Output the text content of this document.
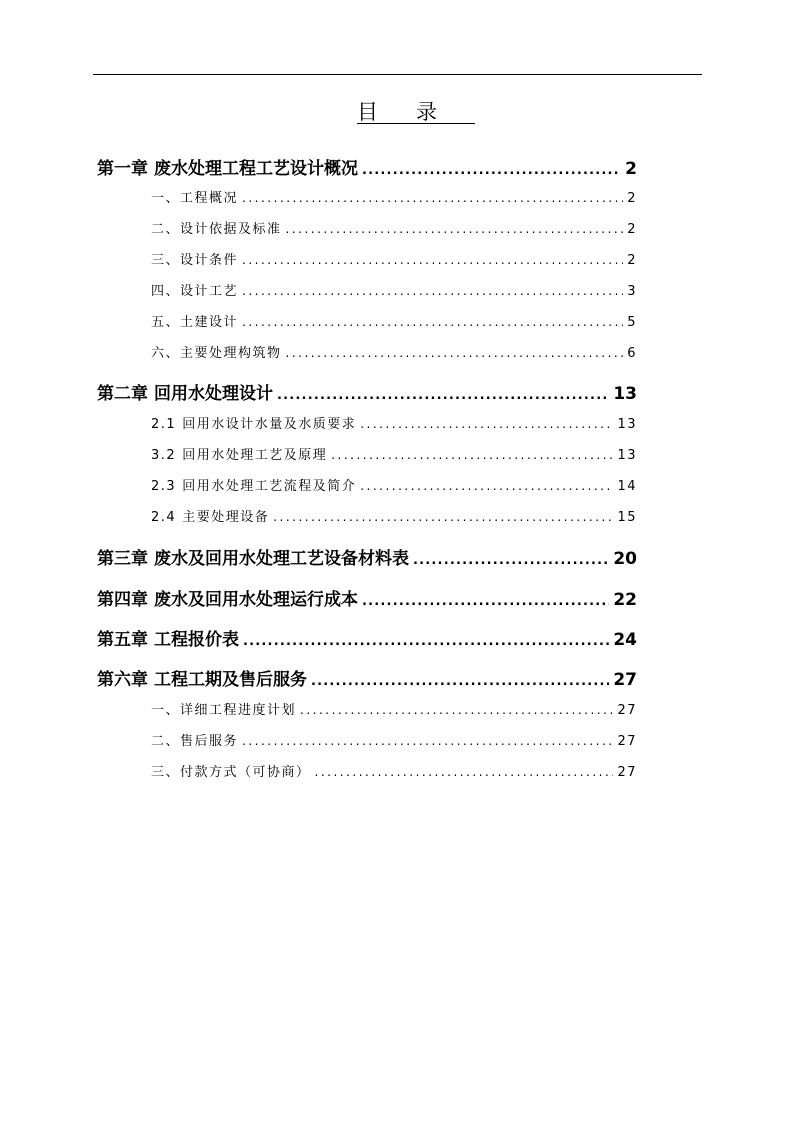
目录
第一章 废水处理工程工艺设计概况 .....	2
一、 工程概况 .....	2
二、 设计依据及标准 .....	2
三、 设计条件 .....	2
四、 设计工艺 .....	3
五、 土建设计 .....	5
六、 主要处理构筑物 .....	6
第二章 回用水处理设计 .....	13
2.1 回用水设计水量及水质要求 .....	13
3.2 回用水处理工艺及原理 .....	13
2.3 回用水处理工艺流程及简介 .....	14
2.4 主要处理设备 .....	15
第三章 废水及回用水处理工艺设备材料表 .....	20
第四章 废水及回用水处理运行成本 .....	22
第五章 工程报价表 .....	24
第六章 工程工期及售后服务 .....	27
一、 详细工程进度计划 .....	27
二、 售后服务 .....	27
三、 付款方式（可协商） .....	27
